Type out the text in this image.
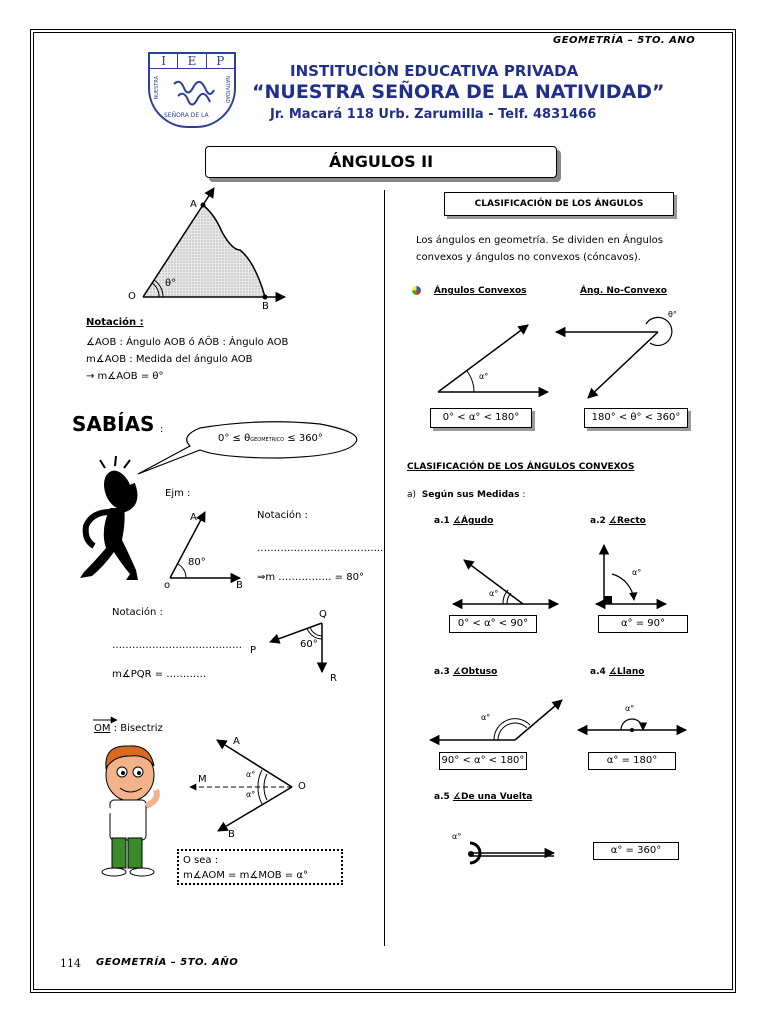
GEOMETRÍA – 5TO. ANO
I	E	P
NUESTRA	NATIVIDAD
SEÑORA DE LA
INSTITUCIÒN EDUCATIVA PRIVADA
“NUESTRA SEÑORA DE LA NATIVIDAD”
Jr. Macará 118 Urb. Zarumilla - Telf. 4831466
ÁNGULOS II
A
O
B
θ°
Notación :
∡AOB : Ángulo AOB ó AÔB : Ángulo AOB
m∡AOB : Medida del ángulo AOB
→ m∡AOB = θ°
SABÍAS :
0° ≤ θGEOMETRICO ≤ 360°
Ejm :
A
o	B
80°
Notación :
………………………………..
⇒m ……………. = 80°
Notación :
…………………………………
m∡PQR = …………
Q
P
R
60°
OM : Bisectriz
A
M
O
B
α°
α°
O sea :
m∡AOM = m∡MOB = α°
CLASIFICACIÓN DE LOS ÁNGULOS
Los ángulos en geometría. Se dividen en Ángulos
convexos y ángulos no convexos (cóncavos).
Ángulos Convexos	Áng. No-Convexo
α°
θ°
0° < α° < 180°	180° < θ° < 360°
CLASIFICACIÓN DE LOS ÁNGULOS CONVEXOS
a) Según sus Medidas :
a.1 ∡Águdo	a.2 ∡Recto
α°
α°
0° < α° < 90°	α° = 90°
a.3 ∡Obtuso	a.4 ∡Llano
α°
α°
90° < α° < 180°	α° = 180°
a.5 ∡De una Vuelta
α°
α° = 360°
114 GEOMETRÍA – 5TO. AÑO
